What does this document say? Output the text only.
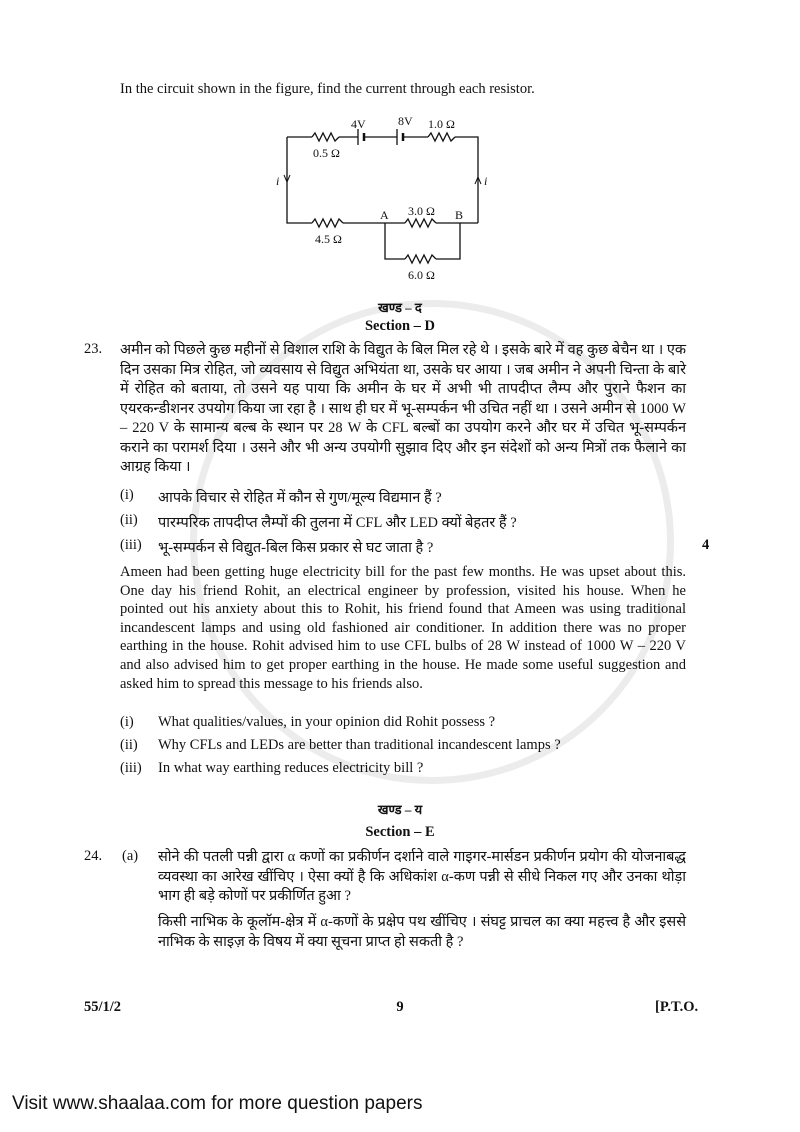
In the circuit shown in the figure, find the current through each resistor.
4V	8V 1.0 Ω
0.5 Ω
i	i
A	B
3.0 Ω
4.5 Ω
6.0 Ω
खण्ड – द
Section – D
23. अमीन को पिछले कुछ महीनों से विशाल राशि के विद्युत के बिल मिल रहे थे । इसके बारे में वह कुछ बेचैन था । एक दिन उसका मित्र रोहित, जो व्यवसाय से विद्युत अभियंता था, उसके घर आया । जब अमीन ने अपनी चिन्ता के बारे में रोहित को बताया, तो उसने यह पाया कि अमीन के घर में अभी भी तापदीप्त लैम्प और पुराने फैशन का एयरकन्डीशनर उपयोग किया जा रहा है । साथ ही घर में भू-सम्पर्कन भी उचित नहीं था । उसने अमीन से 1000 W – 220 V के सामान्य बल्ब के स्थान पर 28 W के CFL बल्बों का उपयोग करने और घर में उचित भू-सम्पर्कन कराने का परामर्श दिया । उसने और भी अन्य उपयोगी सुझाव दिए और इन संदेशों को अन्य मित्रों तक फैलाने का आग्रह किया ।
(i) आपके विचार से रोहित में कौन से गुण/मूल्य विद्यमान हैं ?
(ii) पारम्परिक तापदीप्त लैम्पों की तुलना में CFL और LED क्यों बेहतर हैं ?
(iii) भू-सम्पर्कन से विद्युत-बिल किस प्रकार से घट जाता है ?	4
Ameen had been getting huge electricity bill for the past few months. He was upset about this. One day his friend Rohit, an electrical engineer by profession, visited his house. When he pointed out his anxiety about this to Rohit, his friend found that Ameen was using traditional incandescent lamps and using old fashioned air conditioner. In addition there was no proper earthing in the house. Rohit advised him to use CFL bulbs of 28 W instead of 1000 W – 220 V and also advised him to get proper earthing in the house. He made some useful suggestion and asked him to spread this message to his friends also.
(i) What qualities/values, in your opinion did Rohit possess ?
(ii) Why CFLs and LEDs are better than traditional incandescent lamps ?
(iii) In what way earthing reduces electricity bill ?
खण्ड – य
Section – E
24. (a) सोने की पतली पन्नी द्वारा α कणों का प्रकीर्णन दर्शाने वाले गाइगर-मार्सडन प्रकीर्णन प्रयोग की योजनाबद्ध व्यवस्था का आरेख खींचिए । ऐसा क्यों है कि अधिकांश α-कण पन्नी से सीधे निकल गए और उनका थोड़ा भाग ही बड़े कोणों पर प्रकीर्णित हुआ ?
किसी नाभिक के कूलॉम-क्षेत्र में α-कणों के प्रक्षेप पथ खींचिए । संघट्ट प्राचल का क्या महत्त्व है और इससे नाभिक के साइज़ के विषय में क्या सूचना प्राप्त हो सकती है ?
55/1/2	9	[P.T.O.
Visit www.shaalaa.com for more question papers
